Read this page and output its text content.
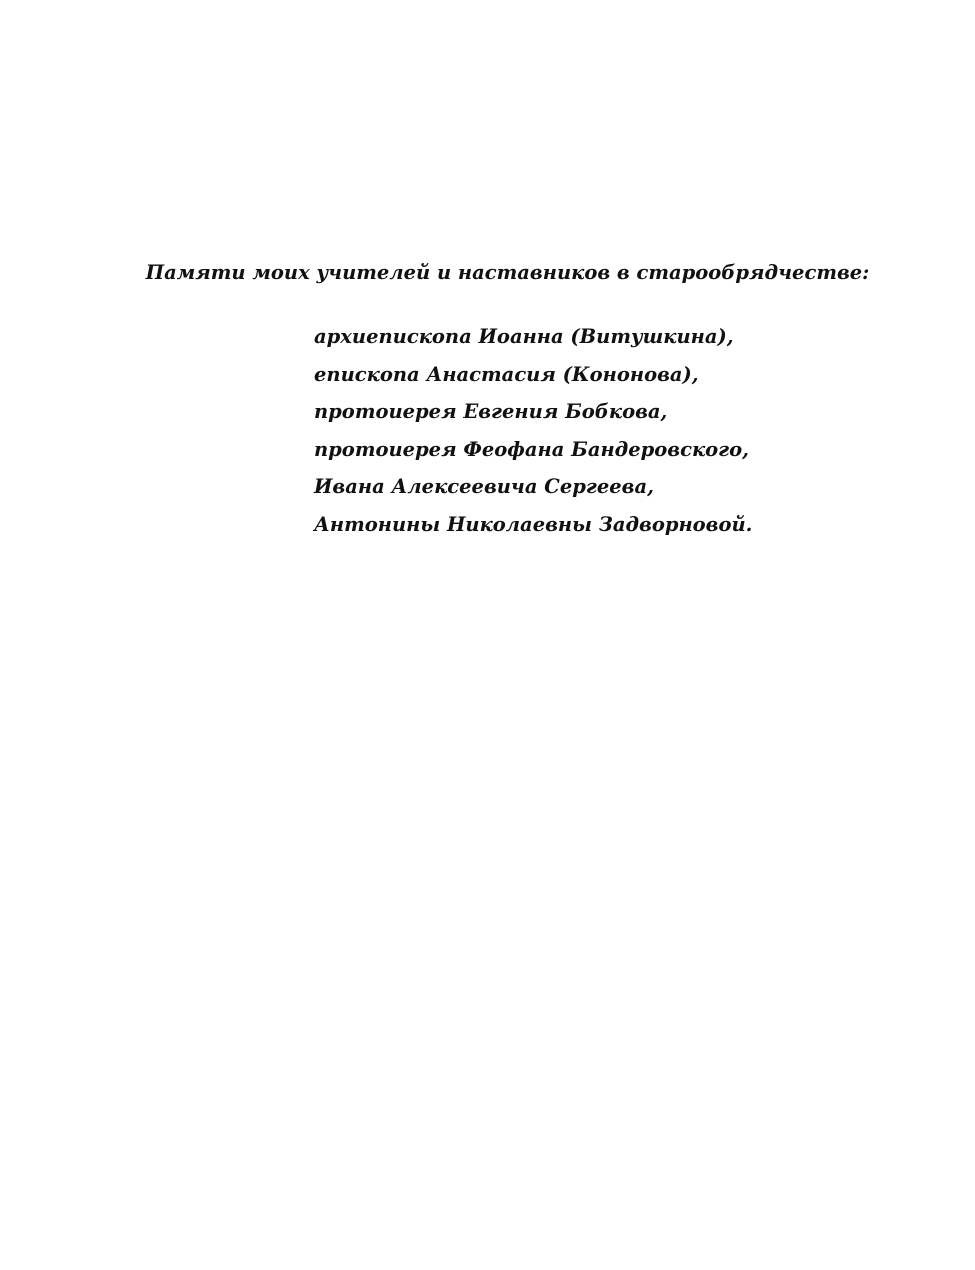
Памяти моих учителей и наставников в старообрядчестве:

архиепископа Иоанна (Витушкина),
епископа Анастасия (Кононова),
протоиерея Евгения Бобкова,
протоиерея Феофана Бандеровского,
Ивана Алексеевича Сергеева,
Антонины Николаевны Задворновой.
